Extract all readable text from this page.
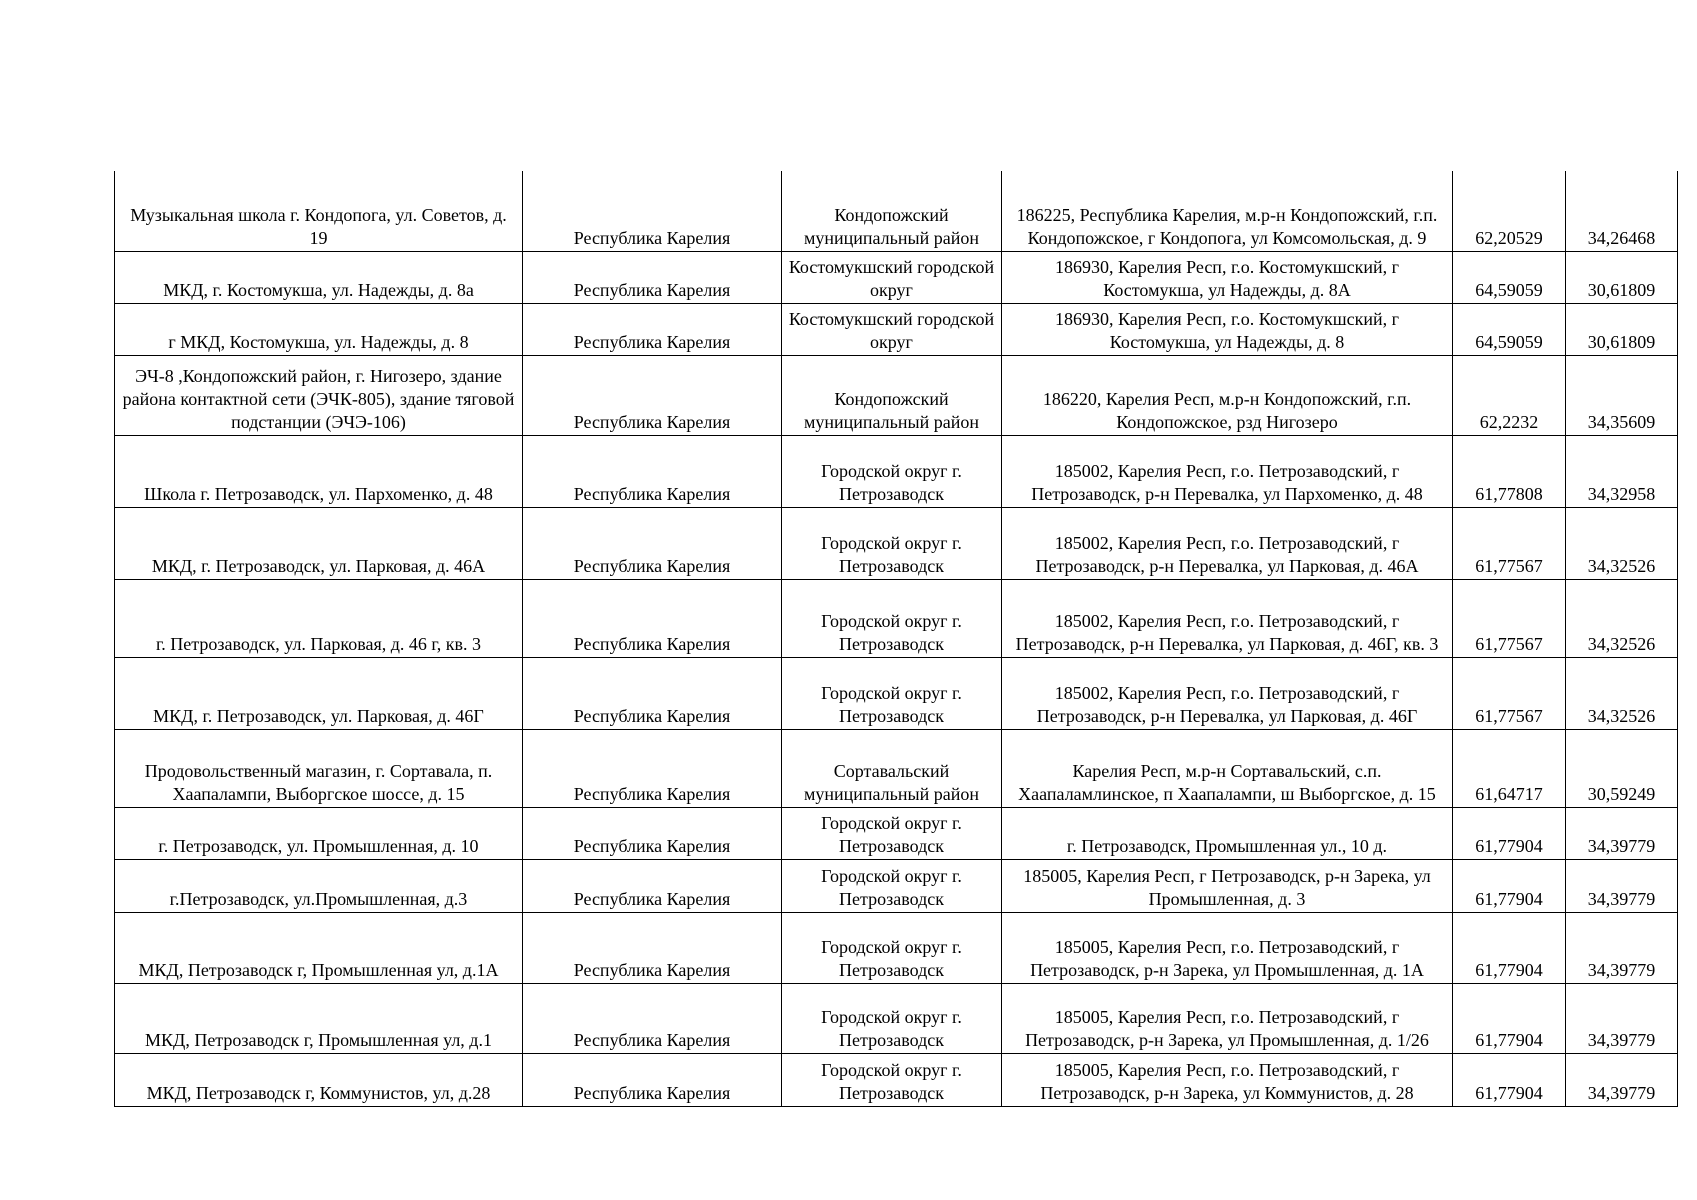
Музыкальная школа г. Кондопога, ул. Советов, д. 19	Республика Карелия	Кондопожский муниципальный район	186225, Республика Карелия, м.р-н Кондопожский, г.п. Кондопожское, г Кондопога, ул Комсомольская, д. 9	62,20529	34,26468
МКД, г. Костомукша, ул. Надежды, д. 8а	Республика Карелия	Костомукшский городской округ	186930, Карелия Респ, г.о. Костомукшский, г Костомукша, ул Надежды, д. 8А	64,59059	30,61809
г МКД, Костомукша, ул. Надежды, д. 8	Республика Карелия	Костомукшский городской округ	186930, Карелия Респ, г.о. Костомукшский, г Костомукша, ул Надежды, д. 8	64,59059	30,61809
ЭЧ-8 ,Кондопожский район, г. Нигозеро, здание района контактной сети (ЭЧК-805), здание тяговой подстанции (ЭЧЭ-106)	Республика Карелия	Кондопожский муниципальный район	186220, Карелия Респ, м.р-н Кондопожский, г.п. Кондопожское, рзд Нигозеро	62,2232	34,35609
Школа г. Петрозаводск, ул. Пархоменко, д. 48	Республика Карелия	Городской округ г. Петрозаводск	185002, Карелия Респ, г.о. Петрозаводский, г Петрозаводск, р-н Перевалка, ул Пархоменко, д. 48	61,77808	34,32958
МКД, г. Петрозаводск, ул. Парковая, д. 46А	Республика Карелия	Городской округ г. Петрозаводск	185002, Карелия Респ, г.о. Петрозаводский, г Петрозаводск, р-н Перевалка, ул Парковая, д. 46А	61,77567	34,32526
г. Петрозаводск, ул. Парковая, д. 46 г, кв. 3	Республика Карелия	Городской округ г. Петрозаводск	185002, Карелия Респ, г.о. Петрозаводский, г Петрозаводск, р-н Перевалка, ул Парковая, д. 46Г, кв. 3	61,77567	34,32526
МКД, г. Петрозаводск, ул. Парковая, д. 46Г	Республика Карелия	Городской округ г. Петрозаводск	185002, Карелия Респ, г.о. Петрозаводский, г Петрозаводск, р-н Перевалка, ул Парковая, д. 46Г	61,77567	34,32526
Продовольственный магазин, г. Сортавала, п. Хаапалампи, Выборгское шоссе, д. 15	Республика Карелия	Сортавальский муниципальный район	Карелия Респ, м.р-н Сортавальский, с.п. Хаапаламлинское, п Хаапалампи, ш Выборгское, д. 15	61,64717	30,59249
г. Петрозаводск, ул. Промышленная, д. 10	Республика Карелия	Городской округ г. Петрозаводск	г. Петрозаводск, Промышленная ул., 10 д.	61,77904	34,39779
г.Петрозаводск, ул.Промышленная, д.3	Республика Карелия	Городской округ г. Петрозаводск	185005, Карелия Респ, г Петрозаводск, р-н Зарека, ул Промышленная, д. 3	61,77904	34,39779
МКД, Петрозаводск г, Промышленная ул, д.1А	Республика Карелия	Городской округ г. Петрозаводск	185005, Карелия Респ, г.о. Петрозаводский, г Петрозаводск, р-н Зарека, ул Промышленная, д. 1А	61,77904	34,39779
МКД, Петрозаводск г, Промышленная ул, д.1	Республика Карелия	Городской округ г. Петрозаводск	185005, Карелия Респ, г.о. Петрозаводский, г Петрозаводск, р-н Зарека, ул Промышленная, д. 1/26	61,77904	34,39779
МКД, Петрозаводск г, Коммунистов, ул, д.28	Республика Карелия	Городской округ г. Петрозаводск	185005, Карелия Респ, г.о. Петрозаводский, г Петрозаводск, р-н Зарека, ул Коммунистов, д. 28	61,77904	34,39779
